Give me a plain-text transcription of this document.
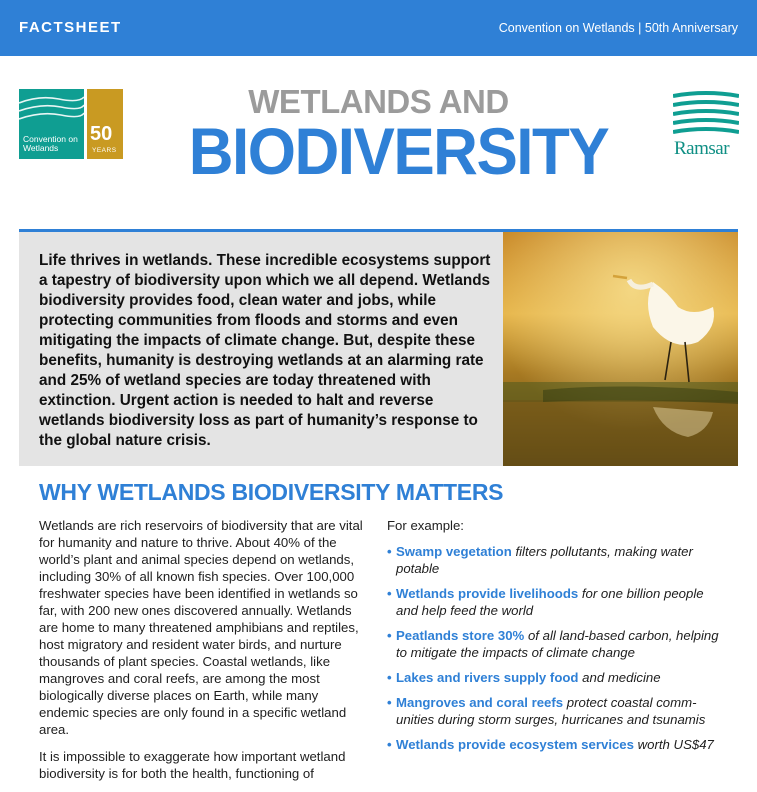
FACTSHEET	Convention on Wetlands | 50th Anniversary
Convention on Wetlands
50
YEARS	Ramsar
WETLANDS AND
BIODIVERSITY
Life thrives in wetlands. These incredible ecosystems support a tapestry of biodiversity upon which we all depend. Wetlands biodiversity provides food, clean water and jobs, while protecting communities from floods and storms and even mitigating the impacts of climate change. But, despite these benefits, humanity is destroying wetlands at an alarming rate and 25% of wetland species are today threatened with extinction. Urgent action is needed to halt and reverse wetlands biodiversity loss as part of humanity’s response to the global nature crisis.
WHY WETLANDS BIODIVERSITY MATTERS

Wetlands are rich reservoirs of biodiversity that are vital for humanity and nature to thrive. About 40% of the world’s plant and animal species depend on wetlands, including 30% of all known fish species. Over 100,000 freshwater species have been identified in wetlands so far, with 200 new ones discovered annually. Wetlands are home to many threatened amphibians and reptiles, host migratory and resident water birds, and nurture thousands of plant species. Coastal wetlands, like mangroves and coral reefs, are among the most biologically diverse places on Earth, while many endemic species are only found in a specific wetland area.

It is impossible to exaggerate how important wetland biodiversity is for both the health, functioning of

For example:

• Swamp vegetation filters pollutants, making water potable
• Wetlands provide livelihoods for one billion people and help feed the world
• Peatlands store 30% of all land-based carbon, helping to mitigate the impacts of climate change
• Lakes and rivers supply food and medicine
• Mangroves and coral reefs protect coastal comm-unities during storm surges, hurricanes and tsunamis
• Wetlands provide ecosystem services worth US$47
